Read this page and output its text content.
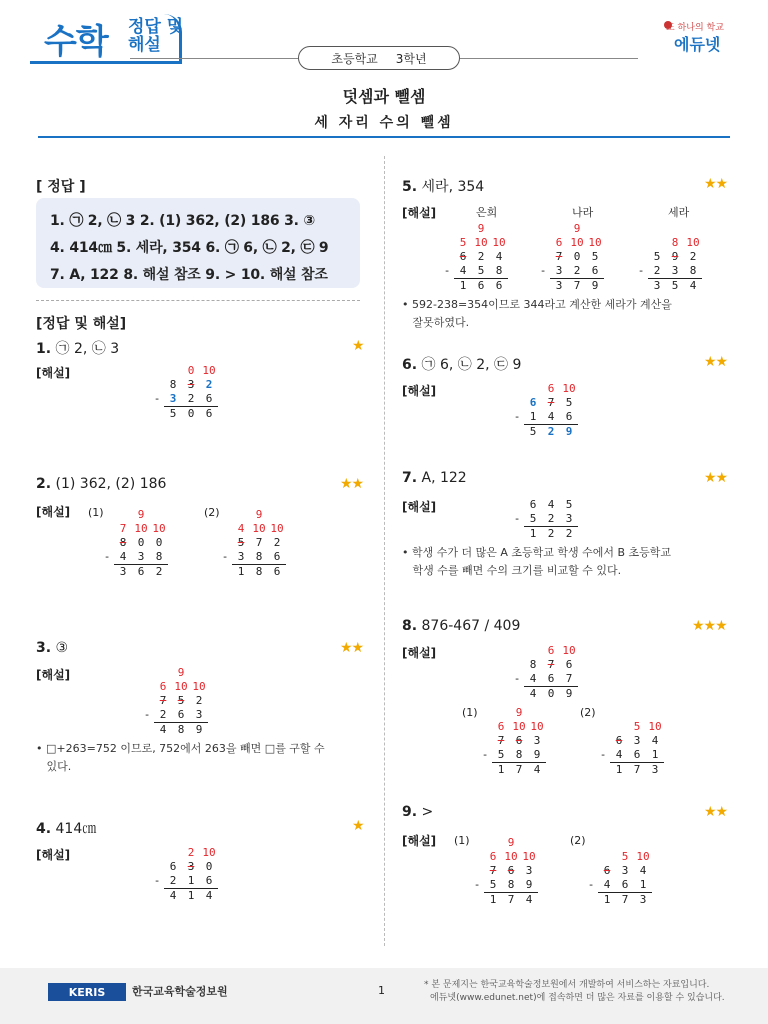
수학 정답 및
해설
초등학교 3학년
또 하나의 학교
에듀넷
덧셈과 뺄셈
세 자리 수의 뺄셈
[ 정답 ]
1. ㉠ 2, ㉡ 3 2. (1) 362, (2) 186 3. ③
4. 414㎝ 5. 세라, 354 6. ㉠ 6, ㉡ 2, ㉢ 9
7. A, 122 8. 해설 참조 9. > 10. 해설 참조
[정답 및 해설]
1. ㉠ 2, ㉡ 3	★
[해설]	0 10
8	3	2
- 3	2	6
5	0	6
2. (1) 362, (2) 186	★★
[해설] (1)	(2)
9
7 10 10
8	0	0
- 4	3	8
3	6	2
9
4 10 10
5	7	2
- 3	8	6
1	8	6
3. ③	★★
[해설]	9
6 10 10
7	5	2
- 2	6	3
4	8	9
• □+263=752 이므로, 752에서 263을 빼면 □를 구할 수
있다.
4. 414㎝	★
[해설]	2 10
6	3	0
- 2	1	6
4	1	4
5. 세라, 354	★★
[해설]	은희	나라	세라
9
5 10 10
6	2	4
- 4	5	8
1	6	6
9
6 10 10
7	0	5
- 3	2	6
3	7	9
8 10
5	9	2
- 2	3	8
3	5	4
• 592-238=354이므로 344라고 계산한 세라가 계산을
잘못하였다.
6. ㉠ 6, ㉡ 2, ㉢ 9	★★
[해설]	6 10
6	7	5
- 1	4	6
5	2	9
7. A, 122	★★
[해설]	6	4	5
- 5	2	3
1	2	2
• 학생 수가 더 많은 A 초등학교 학생 수에서 B 초등학교
학생 수를 빼면 수의 크기를 비교할 수 있다.
8. 876-467 / 409	★★★
[해설]	6 10
8	7	6
- 4	6	7
4	0	9
(1)	(2)
9
6 10 10
7	6	3
- 5	8	9
1	7	4
5 10
6	3	4
- 4	6	1
1	7	3
9. >	★★
[해설] (1)	(2)
9
6 10 10
7	6	3
- 5	8	9
1	7	4
5 10
6	3	4
- 4	6	1
1	7	3
KERIS	한국교육학술정보원	1	* 본 문제지는 한국교육학술정보원에서 개발하여 서비스하는 자료입니다.
에듀넷(www.edunet.net)에 접속하면 더 많은 자료를 이용할 수 있습니다.
